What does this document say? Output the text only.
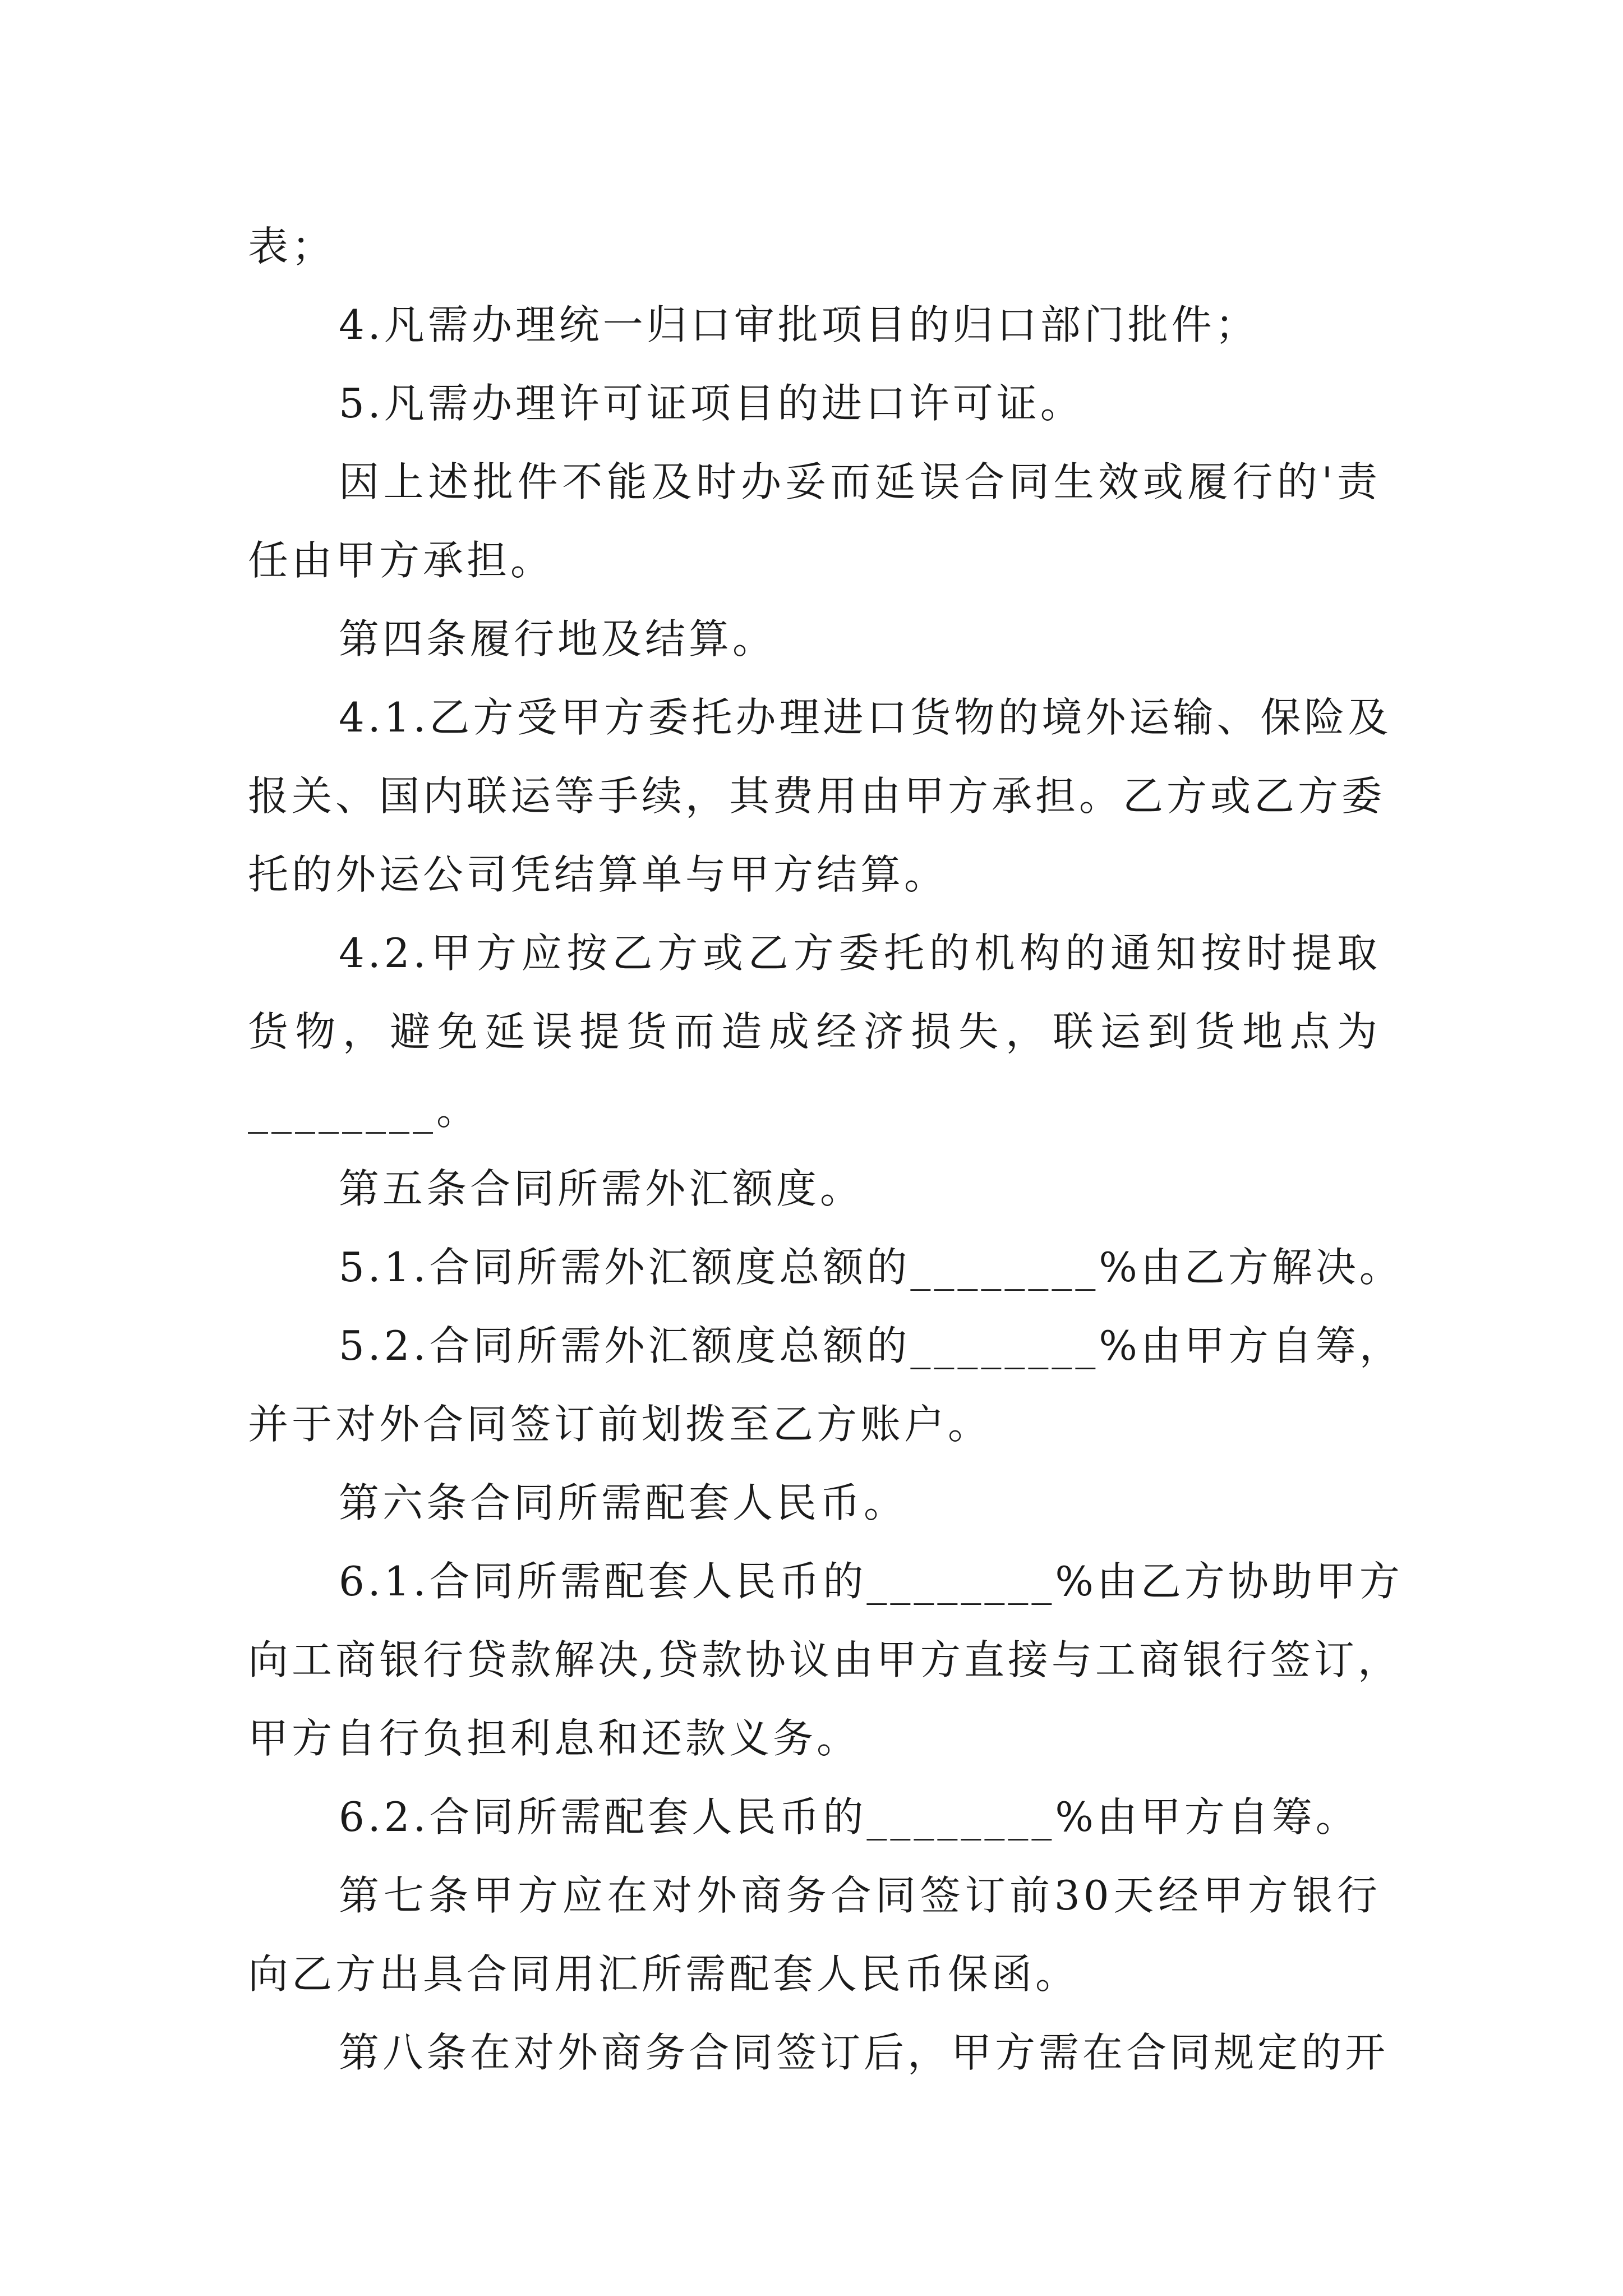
表；

4.凡需办理统一归口审批项目的归口部门批件；

5.凡需办理许可证项目的进口许可证。

因上述批件不能及时办妥而延误合同生效或履行的'责

任由甲方承担。

第四条履行地及结算。

4.1.乙方受甲方委托办理进口货物的境外运输、保险及

报关、国内联运等手续，其费用由甲方承担。乙方或乙方委

托的外运公司凭结算单与甲方结算。

4.2.甲方应按乙方或乙方委托的机构的通知按时提取

货物，避免延误提货而造成经济损失，联运到货地点为

________。

第五条合同所需外汇额度。

5.1.合同所需外汇额度总额的________%由乙方解决。

5.2.合同所需外汇额度总额的________%由甲方自筹，

并于对外合同签订前划拨至乙方账户。

第六条合同所需配套人民币。

6.1.合同所需配套人民币的________%由乙方协助甲方

向工商银行贷款解决,贷款协议由甲方直接与工商银行签订，

甲方自行负担利息和还款义务。

6.2.合同所需配套人民币的________%由甲方自筹。

第七条甲方应在对外商务合同签订前30天经甲方银行

向乙方出具合同用汇所需配套人民币保函。

第八条在对外商务合同签订后，甲方需在合同规定的开
